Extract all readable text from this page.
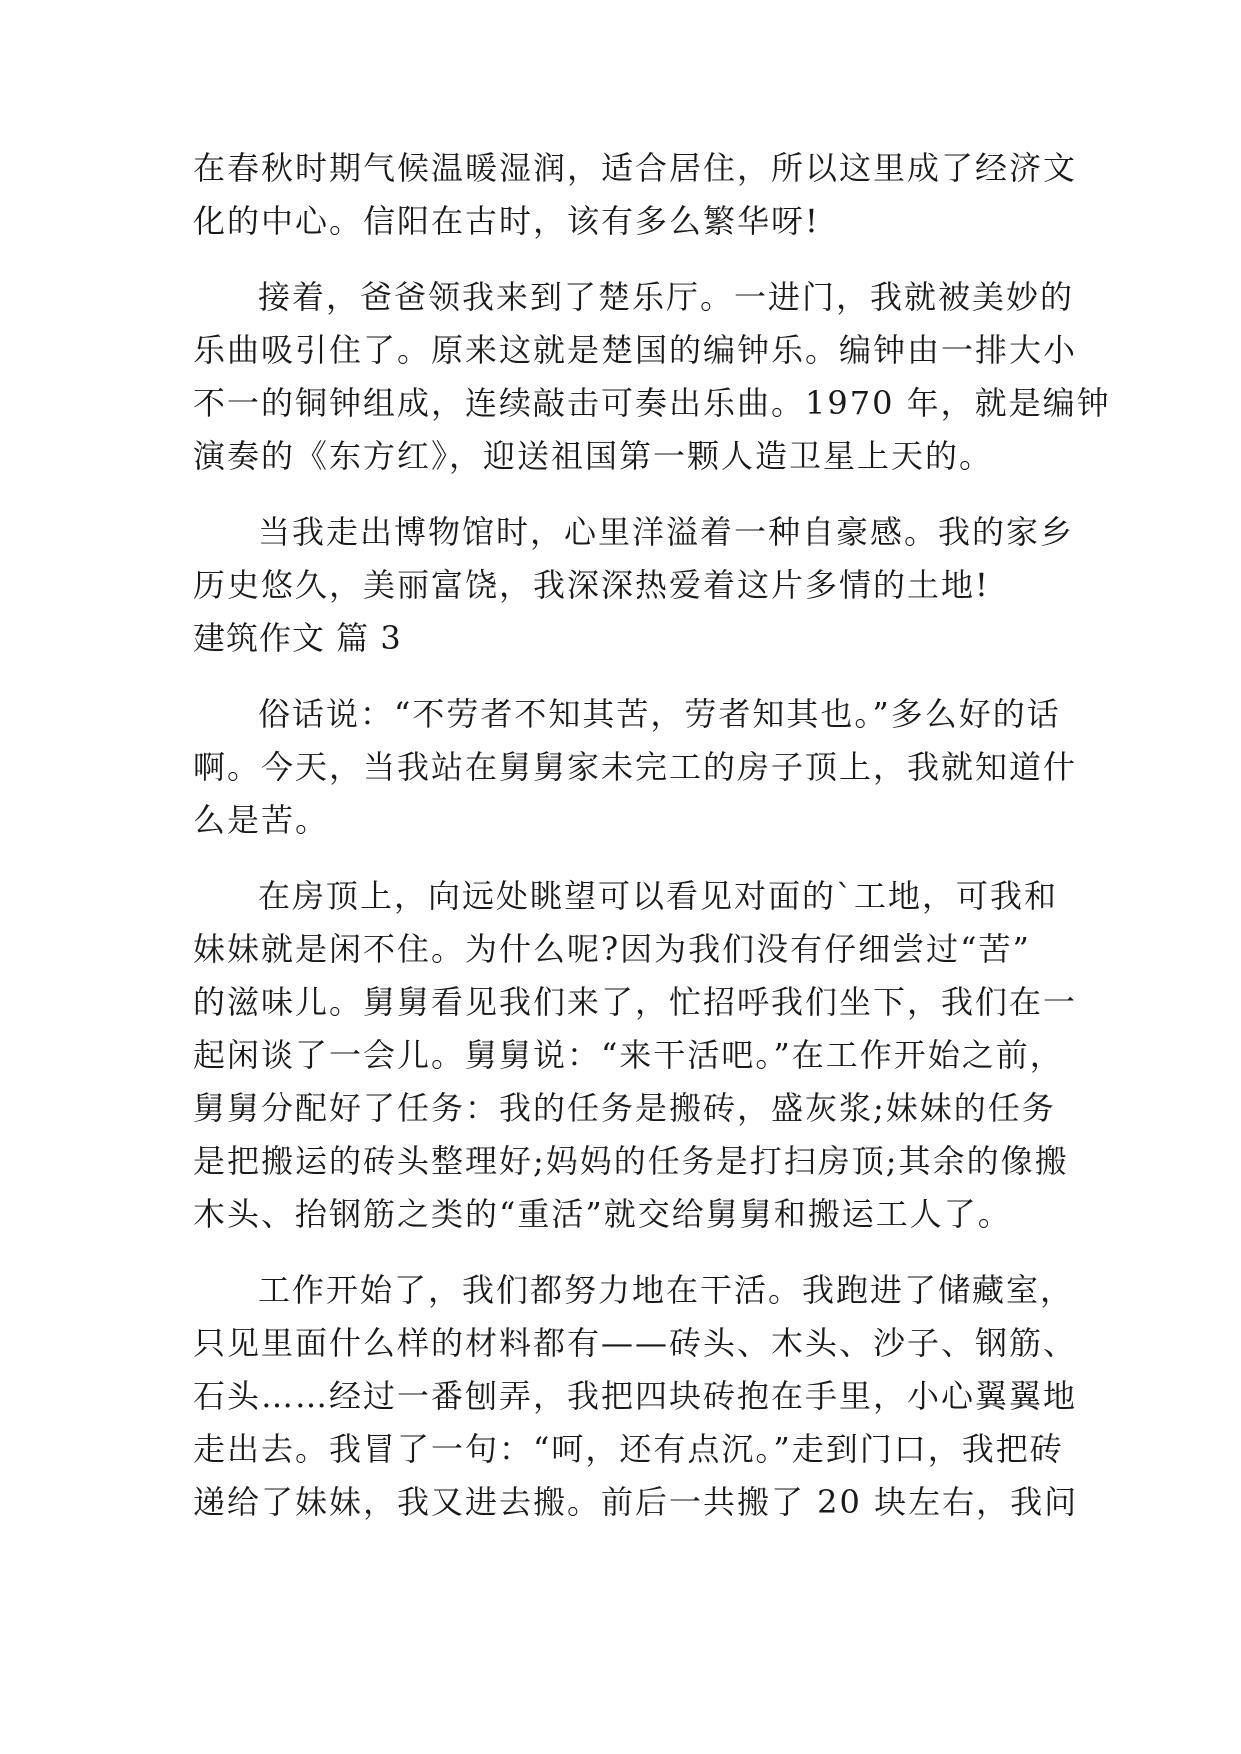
在春秋时期气候温暖湿润，适合居住，所以这里成了经济文
化的中心。信阳在古时，该有多么繁华呀!
接着，爸爸领我来到了楚乐厅。一进门，我就被美妙的
乐曲吸引住了。原来这就是楚国的编钟乐。编钟由一排大小
不一的铜钟组成，连续敲击可奏出乐曲。1970 年，就是编钟
演奏的《东方红》，迎送祖国第一颗人造卫星上天的。
当我走出博物馆时，心里洋溢着一种自豪感。我的家乡
历史悠久，美丽富饶，我深深热爱着这片多情的土地!
建筑作文 篇 3
俗话说：“不劳者不知其苦，劳者知其也。”多么好的话
啊。今天，当我站在舅舅家未完工的房子顶上，我就知道什
么是苦。
在房顶上，向远处眺望可以看见对面的`工地，可我和
妹妹就是闲不住。为什么呢?因为我们没有仔细尝过“苦”
的滋味儿。舅舅看见我们来了，忙招呼我们坐下，我们在一
起闲谈了一会儿。舅舅说：“来干活吧。”在工作开始之前，
舅舅分配好了任务：我的任务是搬砖，盛灰浆;妹妹的任务
是把搬运的砖头整理好;妈妈的任务是打扫房顶;其余的像搬
木头、抬钢筋之类的“重活”就交给舅舅和搬运工人了。
工作开始了，我们都努力地在干活。我跑进了储藏室，
只见里面什么样的材料都有——砖头、木头、沙子、钢筋、
石头……经过一番刨弄，我把四块砖抱在手里，小心翼翼地
走出去。我冒了一句：“呵，还有点沉。”走到门口，我把砖
递给了妹妹，我又进去搬。前后一共搬了 20 块左右，我问
